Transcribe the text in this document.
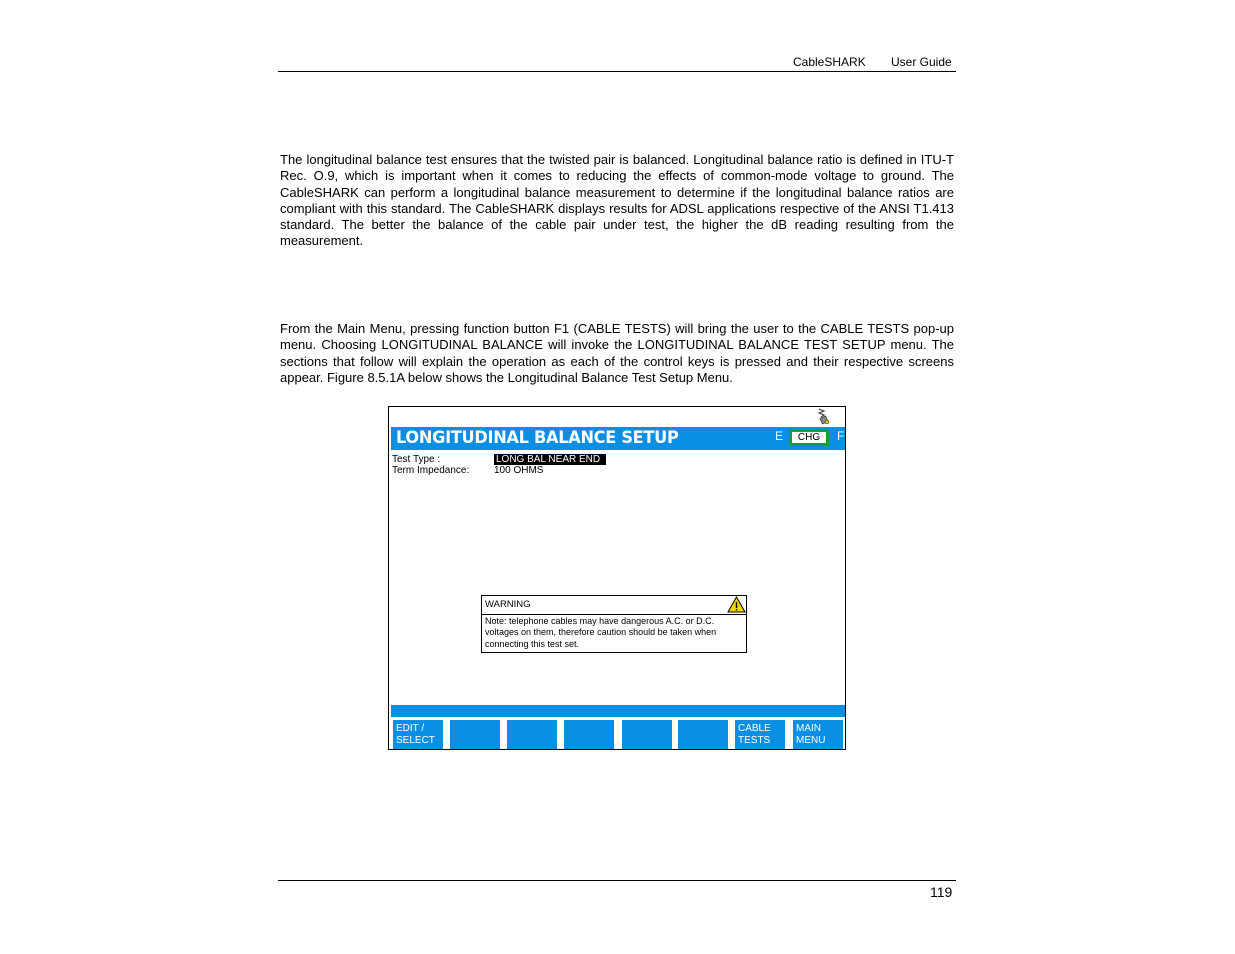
CableSHARK User Guide
The longitudinal balance test ensures that the twisted pair is balanced. Longitudinal balance ratio is defined in ITU-T Rec. O.9, which is important when it comes to reducing the effects of common-mode voltage to ground. The CableSHARK can perform a longitudinal balance measurement to determine if the longitudinal balance ratios are compliant with this standard. The CableSHARK displays results for ADSL applications respective of the ANSI T1.413 standard. The better the balance of the cable pair under test, the higher the dB reading resulting from the measurement.
From the Main Menu, pressing function button F1 (CABLE TESTS) will bring the user to the CABLE TESTS pop-up menu. Choosing LONGITUDINAL BALANCE will invoke the LONGITUDINAL BALANCE TEST SETUP menu. The sections that follow will explain the operation as each of the control keys is pressed and their respective screens appear. Figure 8.5.1A below shows the Longitudinal Balance Test Setup Menu.
LONGITUDINAL BALANCE SETUP	E	CHG	F
Test Type :	LONG BAL NEAR END
Term Impedance: 100 OHMS
WARNING
Note: telephone cables may have dangerous A.C. or D.C.
voltages on them, therefore caution should be taken when
connecting this test set.
EDIT /
SELECT
CABLE
TESTS
MAIN
MENU
119
